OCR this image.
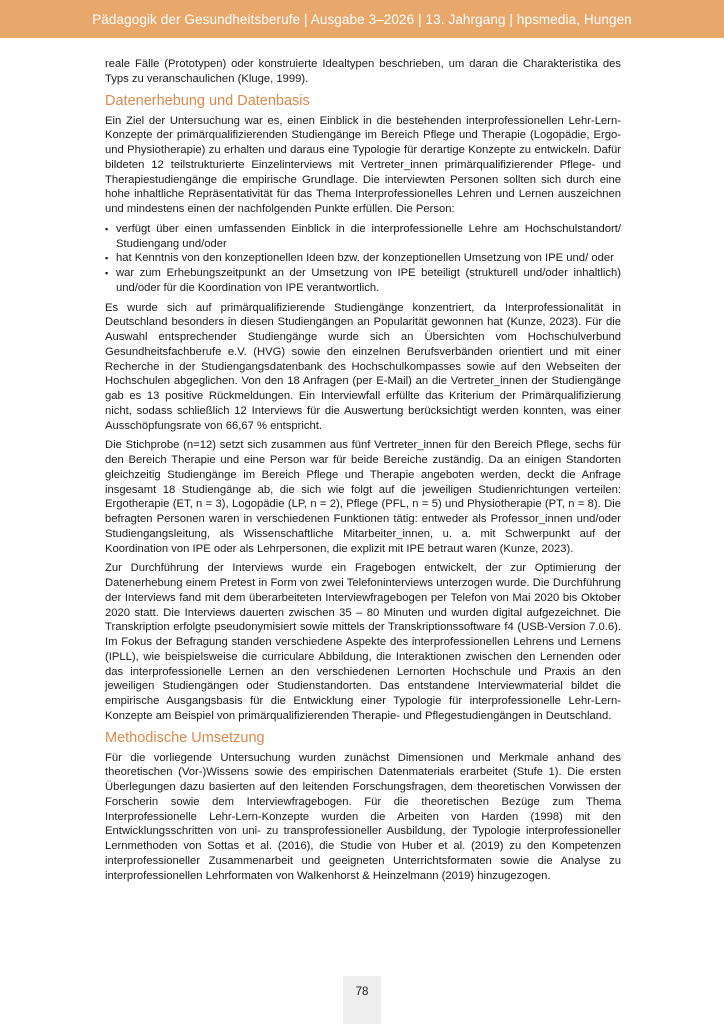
Pädagogik der Gesundheitsberufe | Ausgabe 3–2026 | 13. Jahrgang | hpsmedia, Hungen

reale Fälle (Prototypen) oder konstruierte Idealtypen beschrieben, um daran die Charakteristika des Typs zu veranschaulichen (Kluge, 1999).

Datenerhebung und Datenbasis

Ein Ziel der Untersuchung war es, einen Einblick in die bestehenden interprofessionellen Lehr-Lern-Konzepte der primärqualifizierenden Studiengänge im Bereich Pflege und Therapie (Logopädie, Ergo- und Physiotherapie) zu erhalten und daraus eine Typologie für derartige Konzepte zu entwickeln. Dafür bildeten 12 teilstrukturierte Einzelinterviews mit Vertreter_innen primärqualifizierender Pflege- und Therapiestudiengänge die empirische Grundlage. Die interviewten Personen sollten sich durch eine hohe inhaltliche Repräsentativität für das Thema Interprofessionelles Lehren und Lernen auszeichnen und mindestens einen der nachfolgenden Punkte erfüllen. Die Person:

▪ verfügt über einen umfassenden Einblick in die interprofessionelle Lehre am Hochschulstandort/ Studiengang und/oder
▪ hat Kenntnis von den konzeptionellen Ideen bzw. der konzeptionellen Umsetzung von IPE und/ oder
▪ war zum Erhebungszeitpunkt an der Umsetzung von IPE beteiligt (strukturell und/oder inhaltlich) und/oder für die Koordination von IPE verantwortlich.

Es wurde sich auf primärqualifizierende Studiengänge konzentriert, da Interprofessionalität in Deutschland besonders in diesen Studiengängen an Popularität gewonnen hat (Kunze, 2023). Für die Auswahl entsprechender Studiengänge wurde sich an Übersichten vom Hochschulverbund Gesundheitsfachberufe e.V. (HVG) sowie den einzelnen Berufsverbänden orientiert und mit einer Recherche in der Studiengangsdatenbank des Hochschulkompasses sowie auf den Webseiten der Hochschulen abgeglichen. Von den 18 Anfragen (per E-Mail) an die Vertreter_innen der Studiengänge gab es 13 positive Rückmeldungen. Ein Interviewfall erfüllte das Kriterium der Primärqualifizierung nicht, sodass schließlich 12 Interviews für die Auswertung berücksichtigt werden konnten, was einer Ausschöpfungsrate von 66,67 % entspricht.

Die Stichprobe (n=12) setzt sich zusammen aus fünf Vertreter_innen für den Bereich Pflege, sechs für den Bereich Therapie und eine Person war für beide Bereiche zuständig. Da an einigen Standorten gleichzeitig Studiengänge im Bereich Pflege und Therapie angeboten werden, deckt die Anfrage insgesamt 18 Studiengänge ab, die sich wie folgt auf die jeweiligen Studienrichtungen verteilen: Ergotherapie (ET, n = 3), Logopädie (LP, n = 2), Pflege (PFL, n = 5) und Physiotherapie (PT, n = 8). Die befragten Personen waren in verschiedenen Funktionen tätig: entweder als Professor_innen und/oder Studiengangsleitung, als Wissenschaftliche Mitarbeiter_innen, u. a. mit Schwerpunkt auf der Koordination von IPE oder als Lehrpersonen, die explizit mit IPE betraut waren (Kunze, 2023).

Zur Durchführung der Interviews wurde ein Fragebogen entwickelt, der zur Optimierung der Datenerhebung einem Pretest in Form von zwei Telefoninterviews unterzogen wurde. Die Durchführung der Interviews fand mit dem überarbeiteten Interviewfragebogen per Telefon von Mai 2020 bis Oktober 2020 statt. Die Interviews dauerten zwischen 35 – 80 Minuten und wurden digital aufgezeichnet. Die Transkription erfolgte pseudonymisiert sowie mittels der Transkriptionssoftware f4 (USB-Version 7.0.6). Im Fokus der Befragung standen verschiedene Aspekte des interprofessionellen Lehrens und Lernens (IPLL), wie beispielsweise die curriculare Abbildung, die Interaktionen zwischen den Lernenden oder das interprofessionelle Lernen an den verschiedenen Lernorten Hochschule und Praxis an den jeweiligen Studiengängen oder Studienstandorten. Das entstandene Interviewmaterial bildet die empirische Ausgangsbasis für die Entwicklung einer Typologie für interprofessionelle Lehr-Lern-Konzepte am Beispiel von primärqualifizierenden Therapie- und Pflegestudiengängen in Deutschland.

Methodische Umsetzung

Für die vorliegende Untersuchung wurden zunächst Dimensionen und Merkmale anhand des theoretischen (Vor-)Wissens sowie des empirischen Datenmaterials erarbeitet (Stufe 1). Die ersten Überlegungen dazu basierten auf den leitenden Forschungsfragen, dem theoretischen Vorwissen der Forscherin sowie dem Interviewfragebogen. Für die theoretischen Bezüge zum Thema Interprofessionelle Lehr-Lern-Konzepte wurden die Arbeiten von Harden (1998) mit den Entwicklungsschritten von uni- zu transprofessioneller Ausbildung, der Typologie interprofessioneller Lernmethoden von Sottas et al. (2016), die Studie von Huber et al. (2019) zu den Kompetenzen interprofessioneller Zusammenarbeit und geeigneten Unterrichtsformaten sowie die Analyse zu interprofessionellen Lehrformaten von Walkenhorst & Heinzelmann (2019) hinzugezogen.

78
